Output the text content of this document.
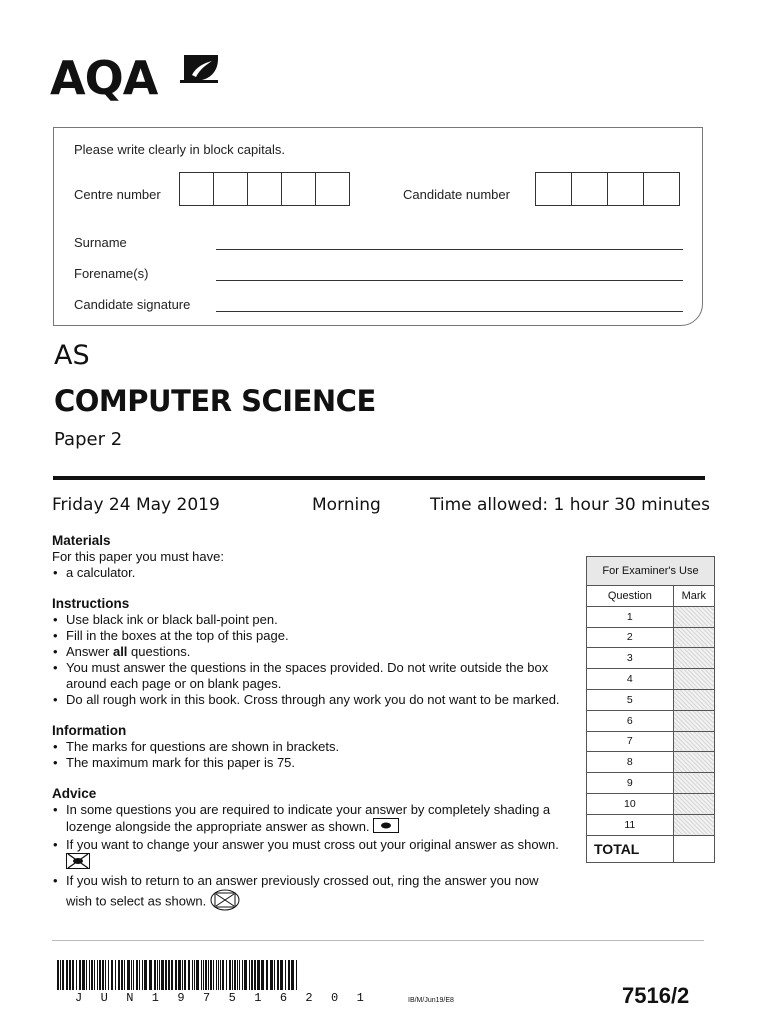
AQA
Please write clearly in block capitals.
Centre number	Candidate number
Surname
Forename(s)
Candidate signature
AS
COMPUTER SCIENCE
Paper 2
Friday 24 May 2019	Morning	Time allowed: 1 hour 30 minutes

Materials

For this paper you must have:

• a calculator.

Instructions

• Use black ink or black ball-point pen.
• Fill in the boxes at the top of this page.
• Answer all questions.
• You must answer the questions in the spaces provided. Do not write outside the box around each page or on blank pages.
• Do all rough work in this book. Cross through any work you do not want to be marked.

Information

• The marks for questions are shown in brackets.
• The maximum mark for this paper is 75.

Advice

• In some questions you are required to indicate your answer by completely shading a lozenge alongside the appropriate answer as shown.
• If you want to change your answer you must cross out your original answer as shown.
• If you wish to return to an answer previously crossed out, ring the answer you now wish to select as shown.
For Examiner's Use	
Question	Mark
1	
2	
3	
4	
5	
6	
7	
8	
9	
10	
11	
TOTAL	
J U N 1 9 7 5 1 6 2 0 1	IB/M/Jun19/E8	7516/2
